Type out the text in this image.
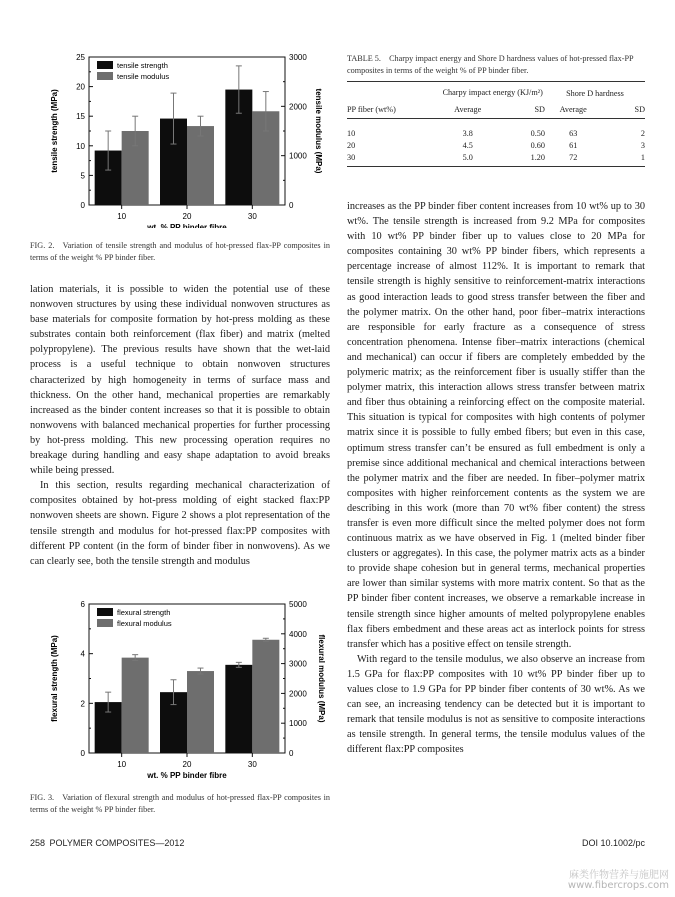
0
5
10
15
20
25
0
1000
2000
3000
10	20	30
tensile strength
tensile modulus
wt. % PP binder fibre
tensile strength (MPa)	tensile modulus (MPa)
FIG. 2. Variation of tensile strength and modulus of hot-pressed flax-PP composites in terms of the weight % PP binder fiber.

lation materials, it is possible to widen the potential use of these nonwoven structures by using these individual nonwoven structures as base materials for composite formation by hot-press molding as these substrates contain both reinforcement (flax fiber) and matrix (melted polypropylene). The previous results have shown that the wet-laid process is a useful technique to obtain nonwoven structures characterized by high homogeneity in terms of surface mass and thickness. On the other hand, mechanical properties are remarkably increased as the binder content increases so that it is possible to obtain nonwovens with balanced mechanical properties for further processing by hot-press molding. This new processing operation requires no breakage during handling and easy shape adaptation to avoid breaks while being pressed.

In this section, results regarding mechanical characterization of composites obtained by hot-press molding of eight stacked flax:PP nonwoven sheets are shown. Figure 2 shows a plot representation of the tensile strength and modulus for hot-pressed flax:PP composites with different PP content (in the form of binder fiber in nonwovens). As we can clearly see, both the tensile strength and modulus

0
2
4
6
0
1000
2000
3000
4000
5000
10	20	30
flexural strength
flexural modulus
wt. % PP binder fibre
flexural strength (MPa)	flexural modulus (MPa)
FIG. 3. Variation of flexural strength and modulus of hot-pressed flax-PP composites in terms of the weight % PP binder fiber.
TABLE 5. Charpy impact energy and Shore D hardness values of hot-pressed flax-PP composites in terms of the weight % of PP binder fiber.
	Charpy impact energy (KJ/m²)		Shore D hardness	
PP fiber (wt%)	Average	SD	Average	SD

10	3.8	0.50	63	2
20	4.5	0.60	61	3
30	5.0	1.20	72	1

increases as the PP binder fiber content increases from 10 wt% up to 30 wt%. The tensile strength is increased from 9.2 MPa for composites with 10 wt% PP binder fiber up to values close to 20 MPa for composites containing 30 wt% PP binder fibers, which represents a percentage increase of almost 112%. It is important to remark that tensile strength is highly sensitive to reinforcement-matrix interactions as good interaction leads to good stress transfer between the fiber and the polymer matrix. On the other hand, poor fiber–matrix interactions are responsible for early fracture as a consequence of stress concentration phenomena. Intense fiber–matrix interactions (chemical and mechanical) can occur if fibers are completely embedded by the polymeric matrix; as the reinforcement fiber is usually stiffer than the polymer matrix, this interaction allows stress transfer between matrix and fiber thus obtaining a reinforcing effect on the composite material. This situation is typical for composites with high contents of polymer matrix since it is possible to fully embed fibers; but even in this case, optimum stress transfer can’t be ensured as full embedment is only a premise since additional mechanical and chemical interactions between the polymer matrix and the fiber are needed. In fiber–polymer matrix composites with higher reinforcement contents as the system we are describing in this work (more than 70 wt% fiber content) the stress transfer is even more difficult since the melted polymer does not form continuous matrix as we have observed in Fig. 1 (melted binder fiber clusters or aggregates). In this case, the polymer matrix acts as a binder to provide shape cohesion but in general terms, mechanical properties are lower than similar systems with more matrix content. So that as the PP binder fiber content increases, we observe a remarkable increase in tensile strength since higher amounts of melted polypropylene enables flax fibers embedment and these areas act as interlock points for stress transfer which has a positive effect on tensile strength.

With regard to the tensile modulus, we also observe an increase from 1.5 GPa for flax:PP composites with 10 wt% PP binder fiber up to values close to 1.9 GPa for PP binder fiber contents of 30 wt%. As we can see, an increasing tendency can be detected but it is important to remark that tensile modulus is not as sensitive to composite interactions as tensile strength. In general terms, the tensile modulus values of the different flax:PP composites

258 POLYMER COMPOSITES—2012	DOI 10.1002/pc
麻类作物营养与施肥网
www.fibercrops.com
